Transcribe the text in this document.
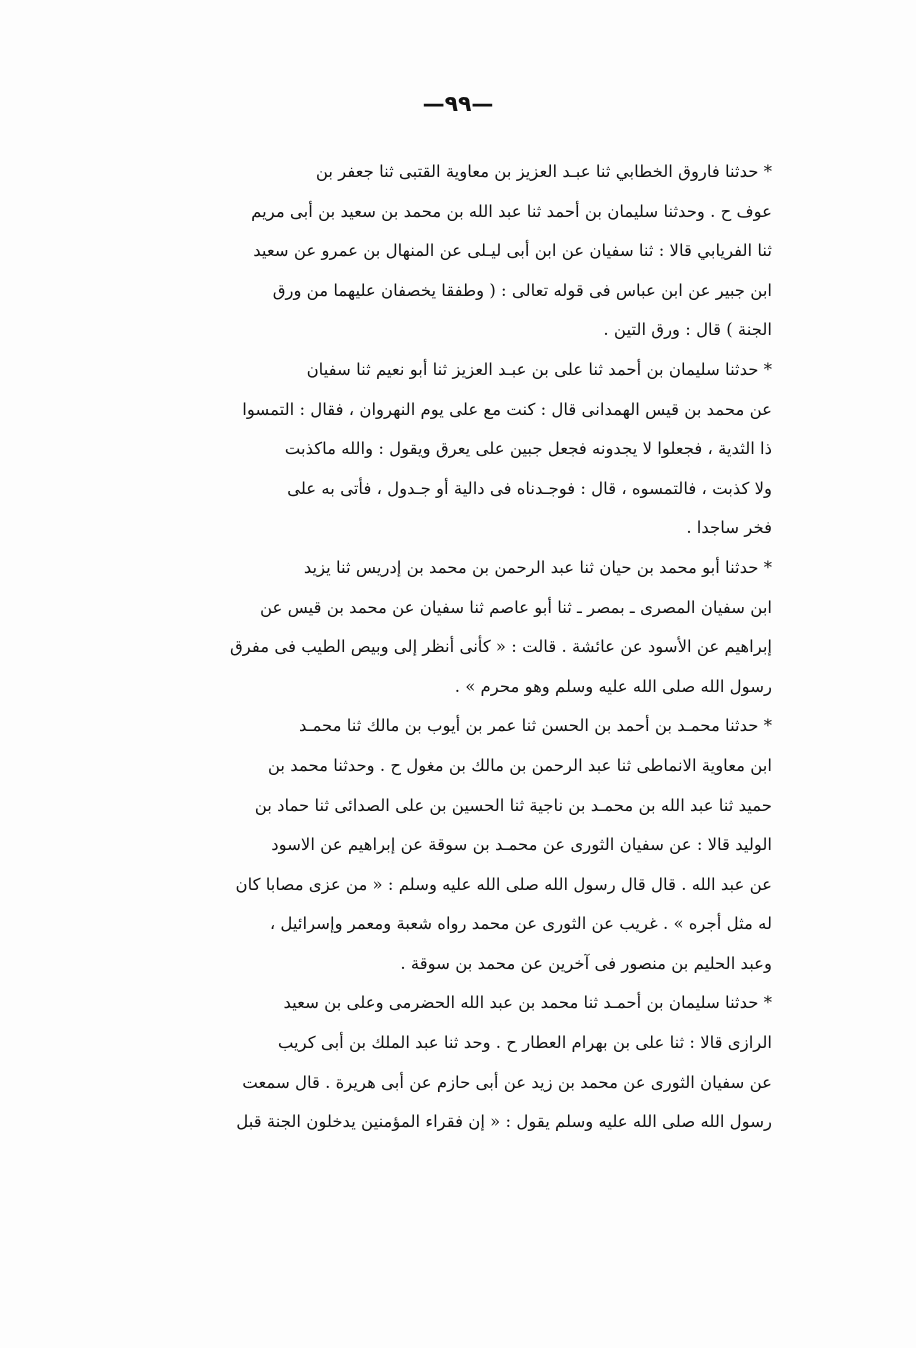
—٩٩—
* حدثنا فاروق الخطابي ثنا عبـد العزيز بن معاوية القتبى ثنا جعفر بن
عوف ح . وحدثنا سليمان بن أحمد ثنا عبد الله بن محمد بن سعيد بن أبى مريم
ثنا الفريابي قالا : ثنا سفيان عن ابن أبى ليـلى عن المنهال بن عمرو عن سعيد
ابن جبير عن ابن عباس فى قوله تعالى : ( وطفقا يخصفان عليهما من ورق
الجنة ) قال : ورق التين .
* حدثنا سليمان بن أحمد ثنا على بن عبـد العزيز ثنا أبو نعيم ثنا سفيان
عن محمد بن قيس الهمدانى قال : كنت مع على يوم النهروان ، فقال : التمسوا
ذا الثدية ، فجعلوا لا يجدونه فجعل جبين على يعرق ويقول : والله ماكذبت
ولا كذبت ، فالتمسوه ، قال : فوجـدناه فى دالية أو جـدول ، فأتى به على
فخر ساجدا .
* حدثنا أبو محمد بن حيان ثنا عبد الرحمن بن محمد بن إدريس ثنا يزيد
ابن سفيان المصرى ـ بمصر ـ ثنا أبو عاصم ثنا سفيان عن محمد بن قيس عن
إبراهيم عن الأسود عن عائشة . قالت : « كأنى أنظر إلى وبيص الطيب فى مفرق
رسول الله صلى الله عليه وسلم وهو محرم » .
* حدثنا محمـد بن أحمد بن الحسن ثنا عمر بن أيوب بن مالك ثنا محمـد
ابن معاوية الانماطى ثنا عبد الرحمن بن مالك بن مغول ح . وحدثنا محمد بن
حميد ثنا عبد الله بن محمـد بن ناجية ثنا الحسين بن على الصدائى ثنا حماد بن
الوليد قالا : عن سفيان الثورى عن محمـد بن سوقة عن إبراهيم عن الاسود
عن عبد الله . قال قال رسول الله صلى الله عليه وسلم : « من عزى مصابا كان
له مثل أجره » . غريب عن الثورى عن محمد رواه شعبة ومعمر وإسرائيل ،
وعبد الحليم بن منصور فى آخرين عن محمد بن سوقة .
* حدثنا سليمان بن أحمـد ثنا محمد بن عبد الله الحضرمى وعلى بن سعيد
الرازى قالا : ثنا على بن بهرام العطار ح . وحد ثنا عبد الملك بن أبى كريب
عن سفيان الثورى عن محمد بن زيد عن أبى حازم عن أبى هريرة . قال سمعت
رسول الله صلى الله عليه وسلم يقول : « إن فقراء المؤمنين يدخلون الجنة قبل
